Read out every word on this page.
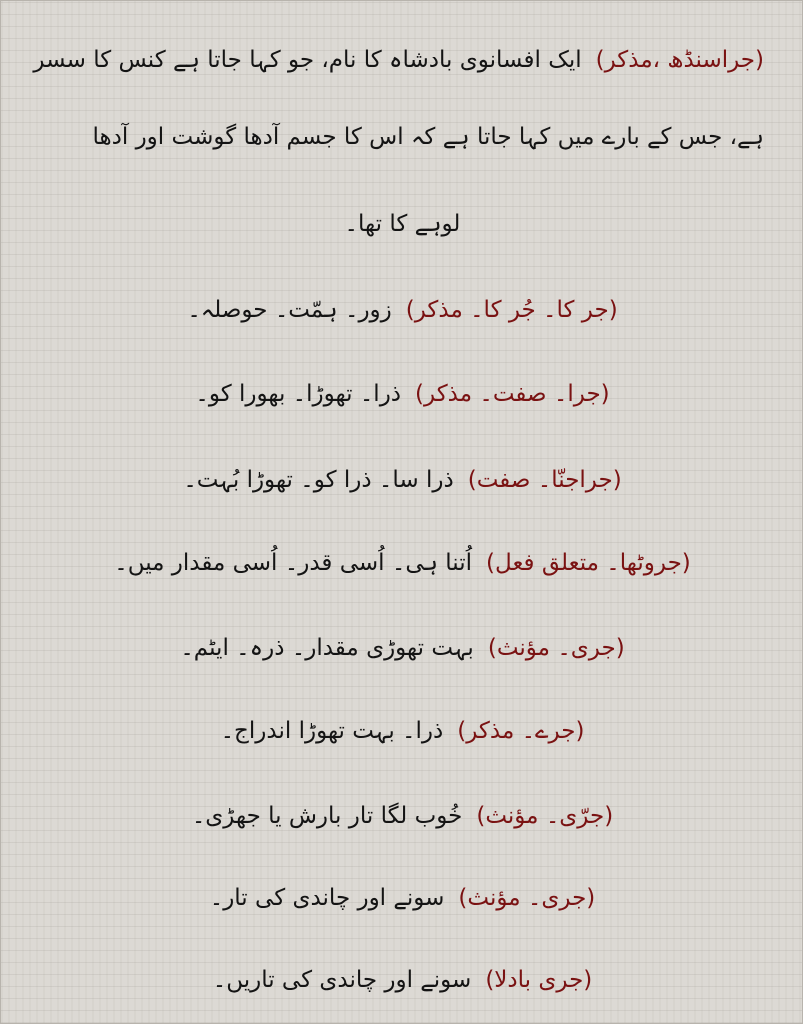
(جراسنڈھ ،مذکر)ایک افسانوی بادشاہ کا نام، جو کہا جاتا ہے کنس کا سسر
ہے، جس کے بارے میں کہا جاتا ہے کہ اس کا جسم آدھا گوشت اور آدھا
لوہے کا تھا۔
(جر کا۔ جُر کا۔ مذکر)زور۔ ہمّت۔ حوصلہ۔
(جرا۔ صفت۔ مذکر)ذرا۔ تھوڑا۔ بھورا کو۔
(جراجنّا۔ صفت)ذرا سا۔ ذرا کو۔ تھوڑا بُہت۔
(جروٹھا۔ متعلق فعل)اُتنا ہی۔ اُسی قدر۔ اُسی مقدار میں۔
(جری۔ مؤنث)بہت تھوڑی مقدار۔ ذرہ۔ ایٹم۔
(جرے۔ مذکر)ذرا۔ بہت تھوڑا اندراج۔
(جرّی۔ مؤنث)خُوب لگا تار بارش یا جھڑی۔
(جری۔ مؤنث)سونے اور چاندی کی تار۔
(جری بادلا)سونے اور چاندی کی تاریں۔
